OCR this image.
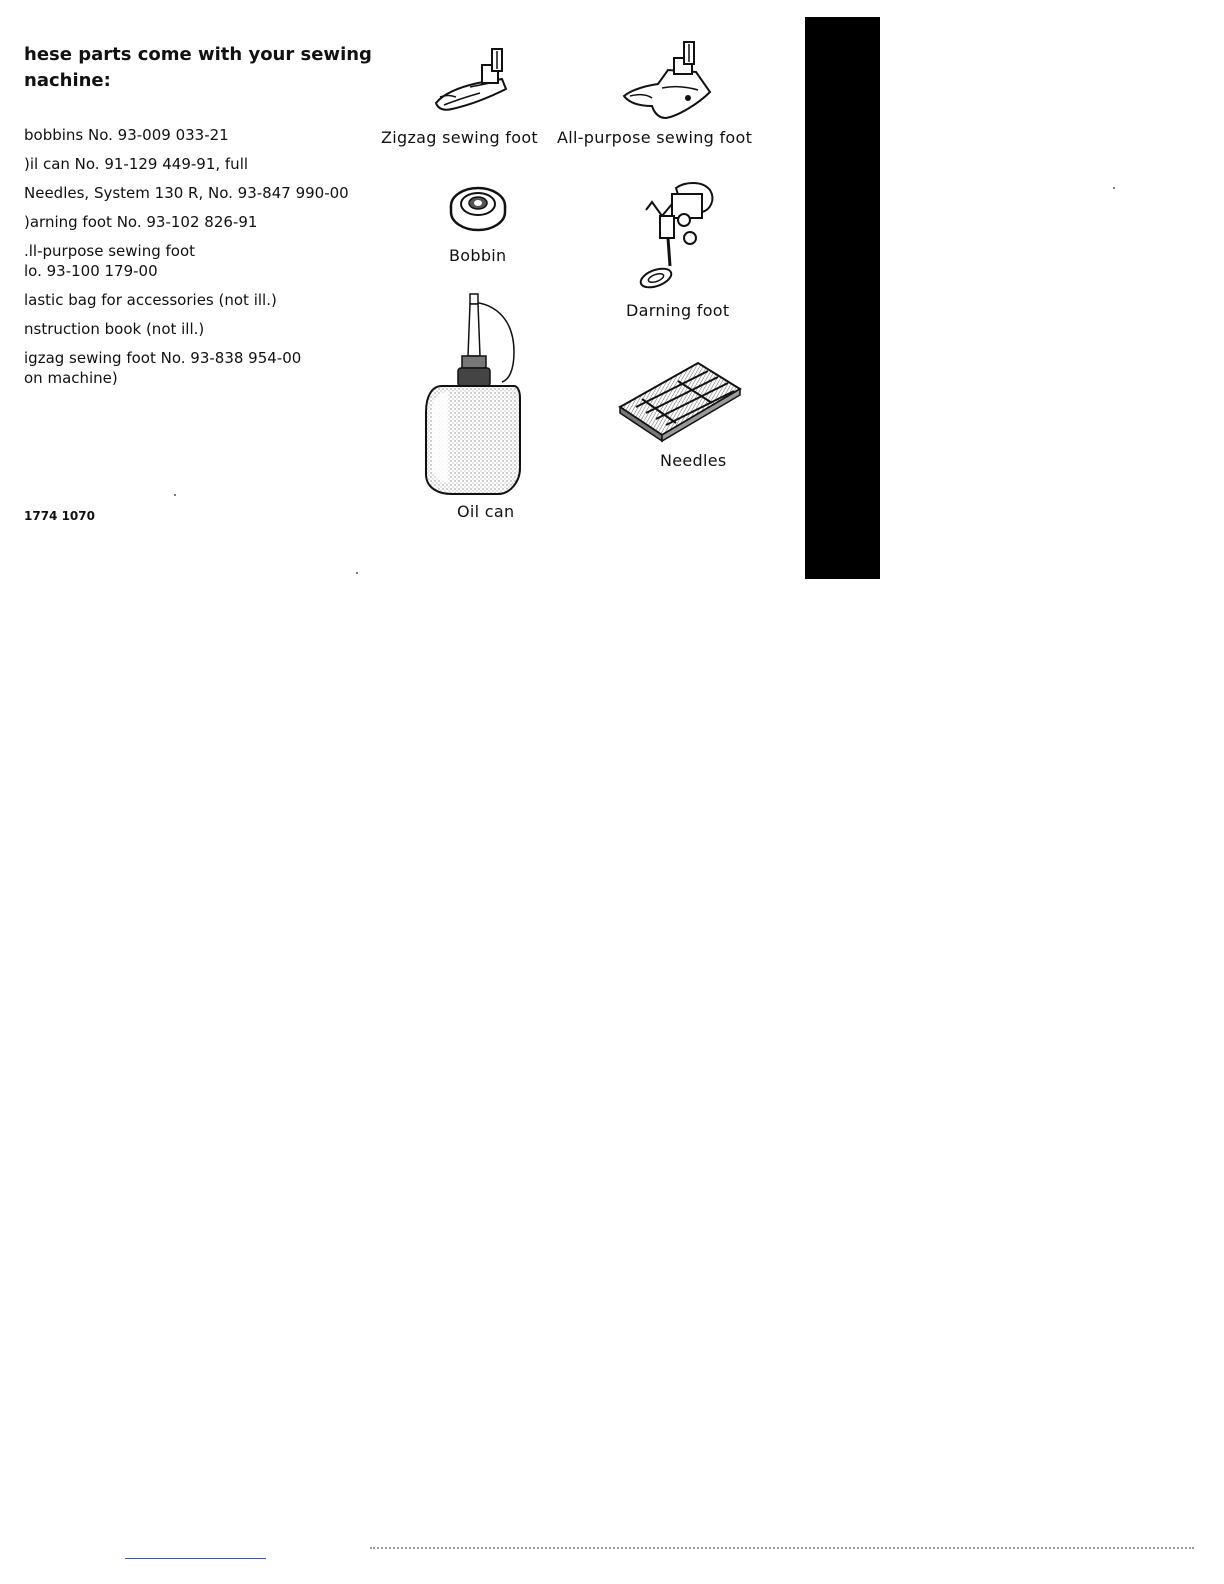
hese parts come with your sewing
nachine:
bobbins No. 93-009 033-21
)il can No. 91-129 449-91, full
Needles, System 130 R, No. 93-847 990-00
)arning foot No. 93-102 826-91
.ll-purpose sewing foot
lo. 93-100 179-00
lastic bag for accessories (not ill.)
nstruction book (not ill.)
igzag sewing foot No. 93-838 954-00
on machine)
1774 1070
Zigzag sewing foot All-purpose sewing foot
Bobbin
Darning foot
Oil can
Needles
